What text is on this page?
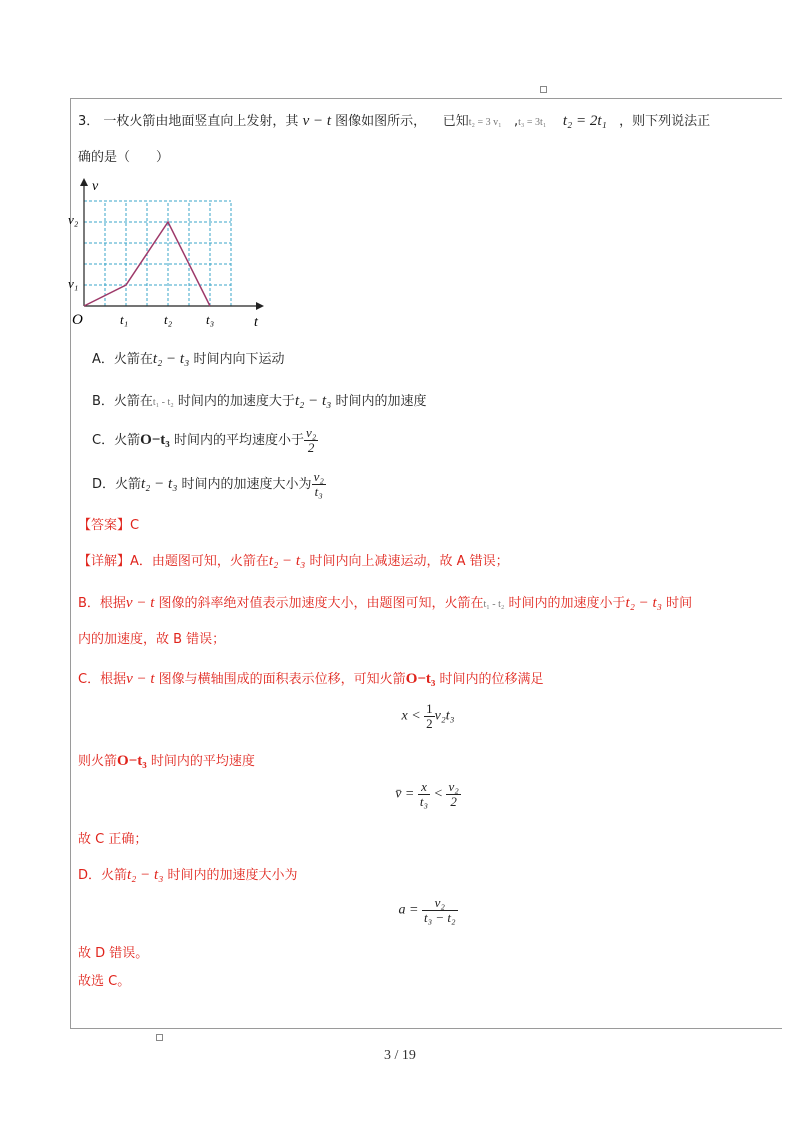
3． 一枚火箭由地面竖直向上发射，其 v − t 图像如图所示， 已知t₂ = 3 v₁   ,t₃ = 3t₁ t₂ = 2t₁ ，则下列说法正
确的是（　　）
v
t
O
v₂
v₁
t₁	t₂	t₃
A．火箭在t₂ − t₃ 时间内向下运动
B．火箭在t₁ - t₂ 时间内的加速度大于t₂ − t₃ 时间内的加速度
C．火箭O−t₃ 时间内的平均速度小于 $\frac{\text{v₂}}{2}$
D．火箭t₂ − t₃ 时间内的加速度大小为 $\frac{\text{v₂}}{\text{t₃}}$
【答案】C
【详解】A．由题图可知，火箭在t₂ − t₃ 时间内向上减速运动，故 A 错误；
B．根据v − t 图像的斜率绝对值表示加速度大小，由题图可知，火箭在t₁ - t₂ 时间内的加速度小于t₂ − t₃ 时间
内的加速度，故 B 错误；
C．根据v − t 图像与横轴围成的面积表示位移，可知火箭O−t₃ 时间内的位移满足
$x < \frac{1}{2} v_2t_3$
则火箭O−t₃ 时间内的平均速度
v̄ = $\frac{x}{\text{t₃}} < \frac{\text{v₂}}{2}$
故 C 正确；
D．火箭t₂ − t₃ 时间内的加速度大小为
$a = \frac{\text{v₂}}{\text{t₃ − t₂}}$
故 D 错误。
故选 C。
3 / 19
